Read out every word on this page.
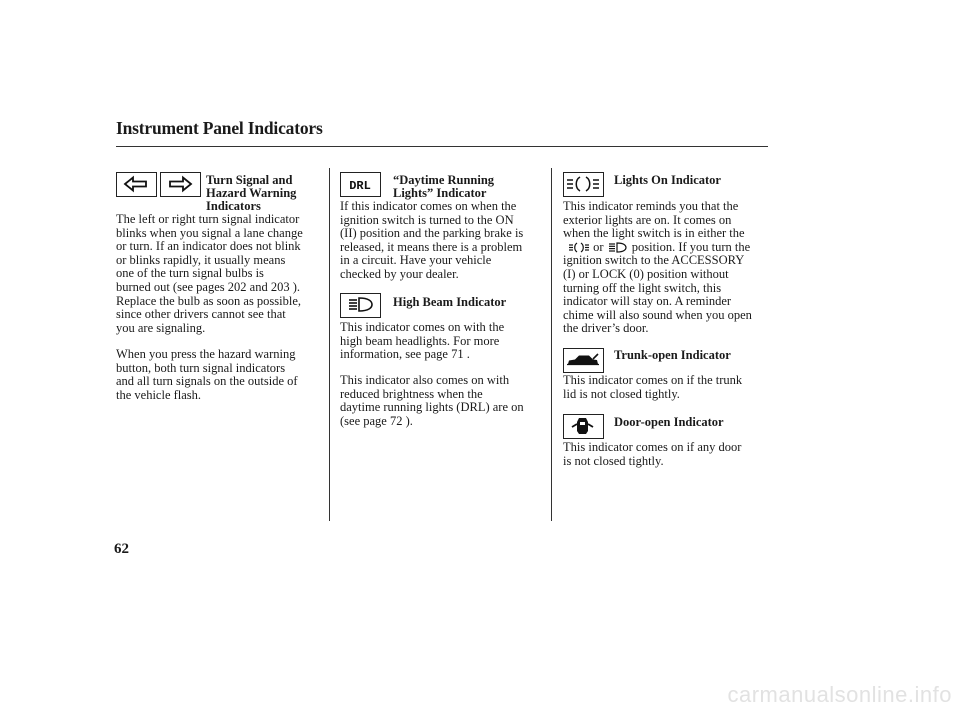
Instrument Panel Indicators
Turn Signal and
Hazard Warning
Indicators
The left or right turn signal indicator
blinks when you signal a lane change
or turn. If an indicator does not blink
or blinks rapidly, it usually means
one of the turn signal bulbs is
burned out (see pages 202 and 203 ).
Replace the bulb as soon as possible,
since other drivers cannot see that
you are signaling.
When you press the hazard warning
button, both turn signal indicators
and all turn signals on the outside of
the vehicle flash.
DRL “Daytime Running
Lights” Indicator
If this indicator comes on when the
ignition switch is turned to the ON
(II) position and the parking brake is
released, it means there is a problem
in a circuit. Have your vehicle
checked by your dealer.
High Beam Indicator
This indicator comes on with the
high beam headlights. For more
information, see page 71 .
This indicator also comes on with
reduced brightness when the
daytime running lights (DRL) are on
(see page 72 ).
Lights On Indicator
This indicator reminds you that the
exterior lights are on. It comes on
when the light switch is in either the
or position. If you turn the
ignition switch to the ACCESSORY
(I) or LOCK (0) position without
turning off the light switch, this
indicator will stay on. A reminder
chime will also sound when you open
the driver’s door.
Trunk-open Indicator
This indicator comes on if the trunk
lid is not closed tightly.
Door-open Indicator
This indicator comes on if any door
is not closed tightly.
62
carmanualsonline.info
